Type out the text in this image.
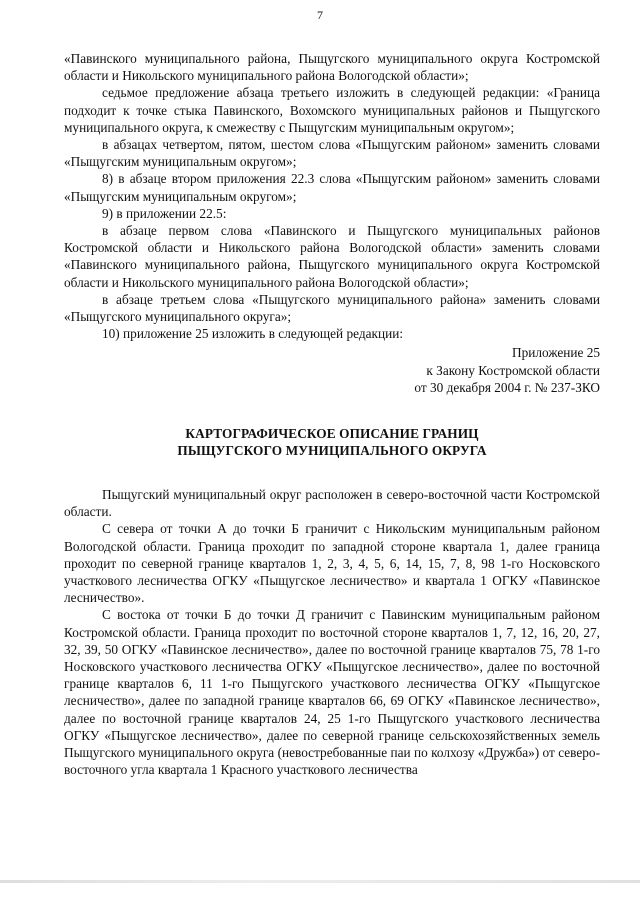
7

«Павинского муниципального района, Пыщугского муниципального округа Костромской области и Никольского муниципального района Вологодской области»;

седьмое предложение абзаца третьего изложить в следующей редакции: «Граница подходит к точке стыка Павинского, Вохомского муниципальных районов и Пыщугского муниципального округа, к смежеству с Пыщугским муниципальным округом»;

в абзацах четвертом, пятом, шестом слова «Пыщугским районом» заменить словами «Пыщугским муниципальным округом»;

8) в абзаце втором приложения 22.3 слова «Пыщугским районом» заменить словами «Пыщугским муниципальным округом»;

9) в приложении 22.5:

в абзаце первом слова «Павинского и Пыщугского муниципальных районов Костромской области и Никольского района Вологодской области» заменить словами «Павинского муниципального района, Пыщугского муниципального округа Костромской области и Никольского муниципального района Вологодской области»;

в абзаце третьем слова «Пыщугского муниципального района» заменить словами «Пыщугского муниципального округа»;

10) приложение 25 изложить в следующей редакции:

Приложение 25
к Закону Костромской области
от 30 декабря 2004 г. № 237-ЗКО
КАРТОГРАФИЧЕСКОЕ ОПИСАНИЕ ГРАНИЦ
ПЫЩУГСКОГО МУНИЦИПАЛЬНОГО ОКРУГА

Пыщугский муниципальный округ расположен в северо-восточной части Костромской области.

С севера от точки А до точки Б граничит с Никольским муниципальным районом Вологодской области. Граница проходит по западной стороне квартала 1, далее граница проходит по северной границе кварталов 1, 2, 3, 4, 5, 6, 14, 15, 7, 8, 98 1-го Носковского участкового лесничества ОГКУ «Пыщугское лесничество» и квартала 1 ОГКУ «Павинское лесничество».

С востока от точки Б до точки Д граничит с Павинским муниципальным районом Костромской области. Граница проходит по восточной стороне кварталов 1, 7, 12, 16, 20, 27, 32, 39, 50 ОГКУ «Павинское лесничество», далее по восточной границе кварталов 75, 78 1-го Носковского участкового лесничества ОГКУ «Пыщугское лесничество», далее по восточной границе кварталов 6, 11 1-го Пыщугского участкового лесничества ОГКУ «Пыщугское лесничество», далее по западной границе кварталов 66, 69 ОГКУ «Павинское лесничество», далее по восточной границе кварталов 24, 25 1-го Пыщугского участкового лесничества ОГКУ «Пыщугское лесничество», далее по северной границе сельскохозяйственных земель Пыщугского муниципального округа (невостребованные паи по колхозу «Дружба») от северо-восточного угла квартала 1 Красного участкового лесничества
